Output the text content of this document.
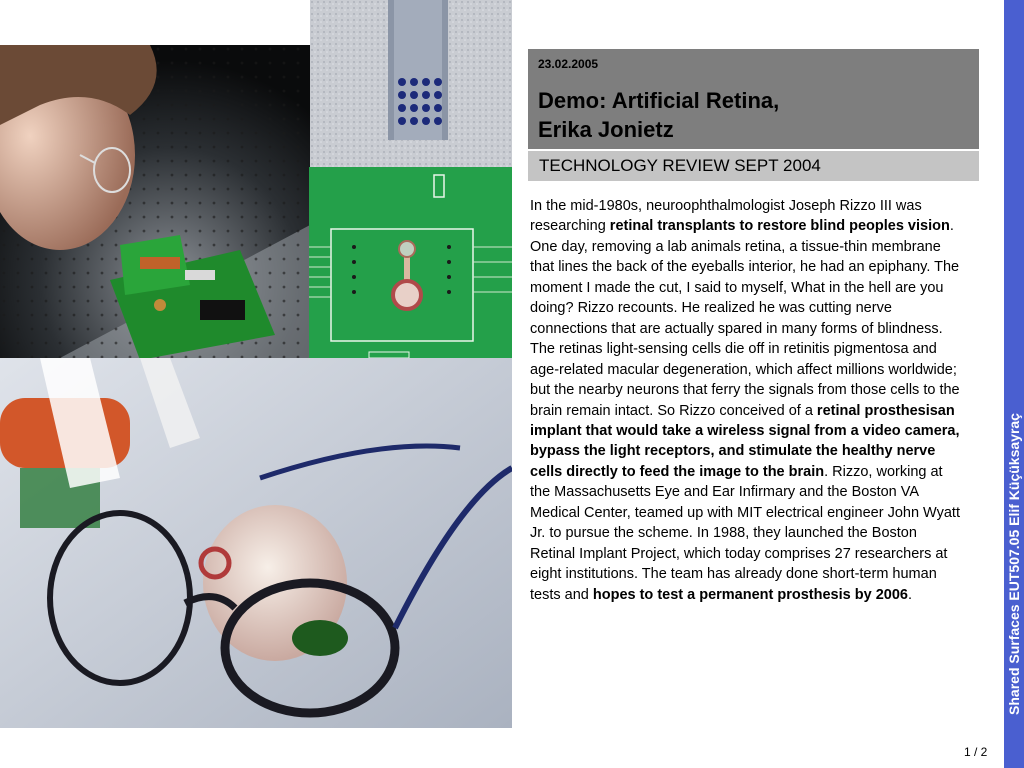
23.02.2005
Demo: Artificial Retina,
Erika Jonietz
TECHNOLOGY REVIEW SEPT 2004
In the mid-1980s, neuroophthalmologist Joseph Rizzo III was researching retinal transplants to restore blind peoples vision. One day, removing a lab animals retina, a tissue-thin membrane that lines the back of the eyeballs interior, he had an epiphany. The moment I made the cut, I said to myself, What in the hell are you doing? Rizzo recounts. He realized he was cutting nerve connections that are actually spared in many forms of blindness. The retinas light-sensing cells die off in retinitis pigmentosa and age-related macular degeneration, which affect millions worldwide; but the nearby neurons that ferry the signals from those cells to the brain remain intact. So Rizzo conceived of a retinal prosthesisan implant that would take a wireless signal from a video camera, bypass the light receptors, and stimulate the healthy nerve cells directly to feed the image to the brain. Rizzo, working at the Massachusetts Eye and Ear Infirmary and the Boston VA Medical Center, teamed up with MIT electrical engineer John Wyatt Jr. to pursue the scheme. In 1988, they launched the Boston Retinal Implant Project, which today comprises 27 researchers at eight institutions. The team has already done short-term human tests and hopes to test a permanent prosthesis by 2006.	Shared Surfaces EUT507.05 Elif Küçüksayraç
1 / 2
